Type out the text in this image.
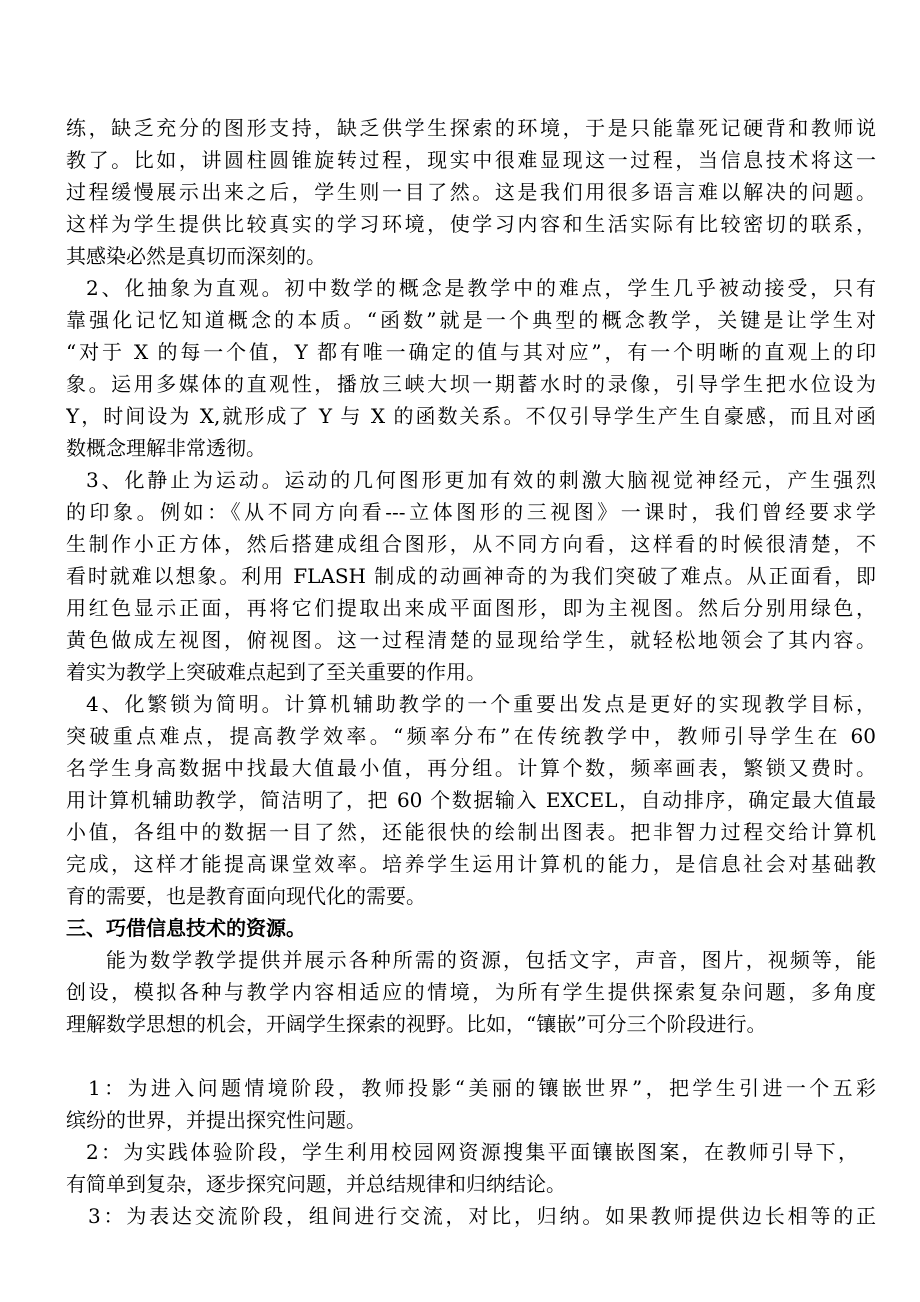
练，缺乏充分的图形支持，缺乏供学生探索的环境，于是只能靠死记硬背和教师说
教了。比如，讲圆柱圆锥旋转过程，现实中很难显现这一过程，当信息技术将这一
过程缓慢展示出来之后，学生则一目了然。这是我们用很多语言难以解决的问题。
这样为学生提供比较真实的学习环境，使学习内容和生活实际有比较密切的联系，
其感染必然是真切而深刻的。
2、化抽象为直观。初中数学的概念是教学中的难点，学生几乎被动接受，只有
靠强化记忆知道概念的本质。“函数”就是一个典型的概念教学，关键是让学生对
“对于 X 的每一个值，Y 都有唯一确定的值与其对应”，有一个明晰的直观上的印
象。运用多媒体的直观性，播放三峡大坝一期蓄水时的录像，引导学生把水位设为
Y，时间设为 X,就形成了 Y 与 X 的函数关系。不仅引导学生产生自豪感，而且对函
数概念理解非常透彻。
3、化静止为运动。运动的几何图形更加有效的刺激大脑视觉神经元，产生强烈
的印象。例如：《从不同方向看---立体图形的三视图》一课时，我们曾经要求学
生制作小正方体，然后搭建成组合图形，从不同方向看，这样看的时候很清楚，不
看时就难以想象。利用 FLASH 制成的动画神奇的为我们突破了难点。从正面看，即
用红色显示正面，再将它们提取出来成平面图形，即为主视图。然后分别用绿色，
黄色做成左视图，俯视图。这一过程清楚的显现给学生，就轻松地领会了其内容。
着实为教学上突破难点起到了至关重要的作用。
4、化繁锁为简明。计算机辅助教学的一个重要出发点是更好的实现教学目标，
突破重点难点，提高教学效率。“频率分布”在传统教学中，教师引导学生在 60
名学生身高数据中找最大值最小值，再分组。计算个数，频率画表，繁锁又费时。
用计算机辅助教学，简洁明了，把 60 个数据输入 EXCEL，自动排序，确定最大值最
小值，各组中的数据一目了然，还能很快的绘制出图表。把非智力过程交给计算机
完成，这样才能提高课堂效率。培养学生运用计算机的能力，是信息社会对基础教
育的需要，也是教育面向现代化的需要。
三、巧借信息技术的资源。
能为数学教学提供并展示各种所需的资源，包括文字，声音，图片，视频等，能
创设，模拟各种与教学内容相适应的情境，为所有学生提供探索复杂问题，多角度
理解数学思想的机会，开阔学生探索的视野。比如，“镶嵌”可分三个阶段进行。
1：为进入问题情境阶段，教师投影“美丽的镶嵌世界”，把学生引进一个五彩
缤纷的世界，并提出探究性问题。
2：为实践体验阶段，学生利用校园网资源搜集平面镶嵌图案，在教师引导下，
有简单到复杂，逐步探究问题，并总结规律和归纳结论。
3：为表达交流阶段，组间进行交流，对比，归纳。如果教师提供边长相等的正
